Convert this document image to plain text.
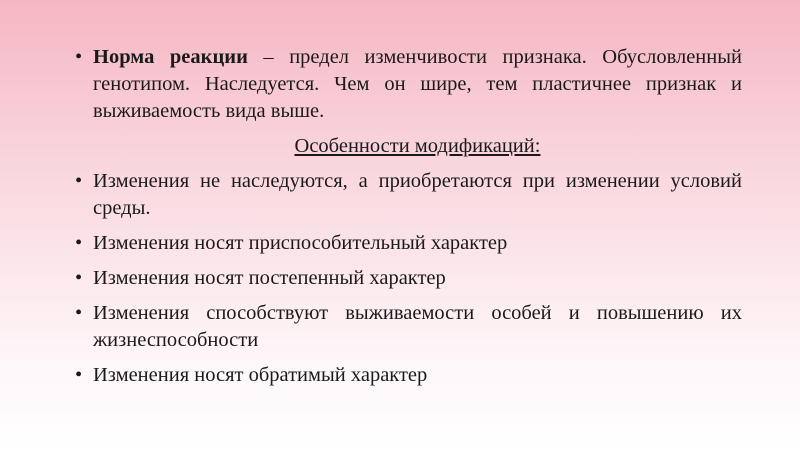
• Норма реакции – предел изменчивости признака. Обусловленный генотипом. Наследуется. Чем он шире, тем пластичнее признак и выживаемость вида выше.
Особенности модификаций:
• Изменения не наследуются, а приобретаются при изменении условий среды.
• Изменения носят приспособительный характер
• Изменения носят постепенный характер
• Изменения способствуют выживаемости особей и повышению их жизнеспособности
• Изменения носят обратимый характер
